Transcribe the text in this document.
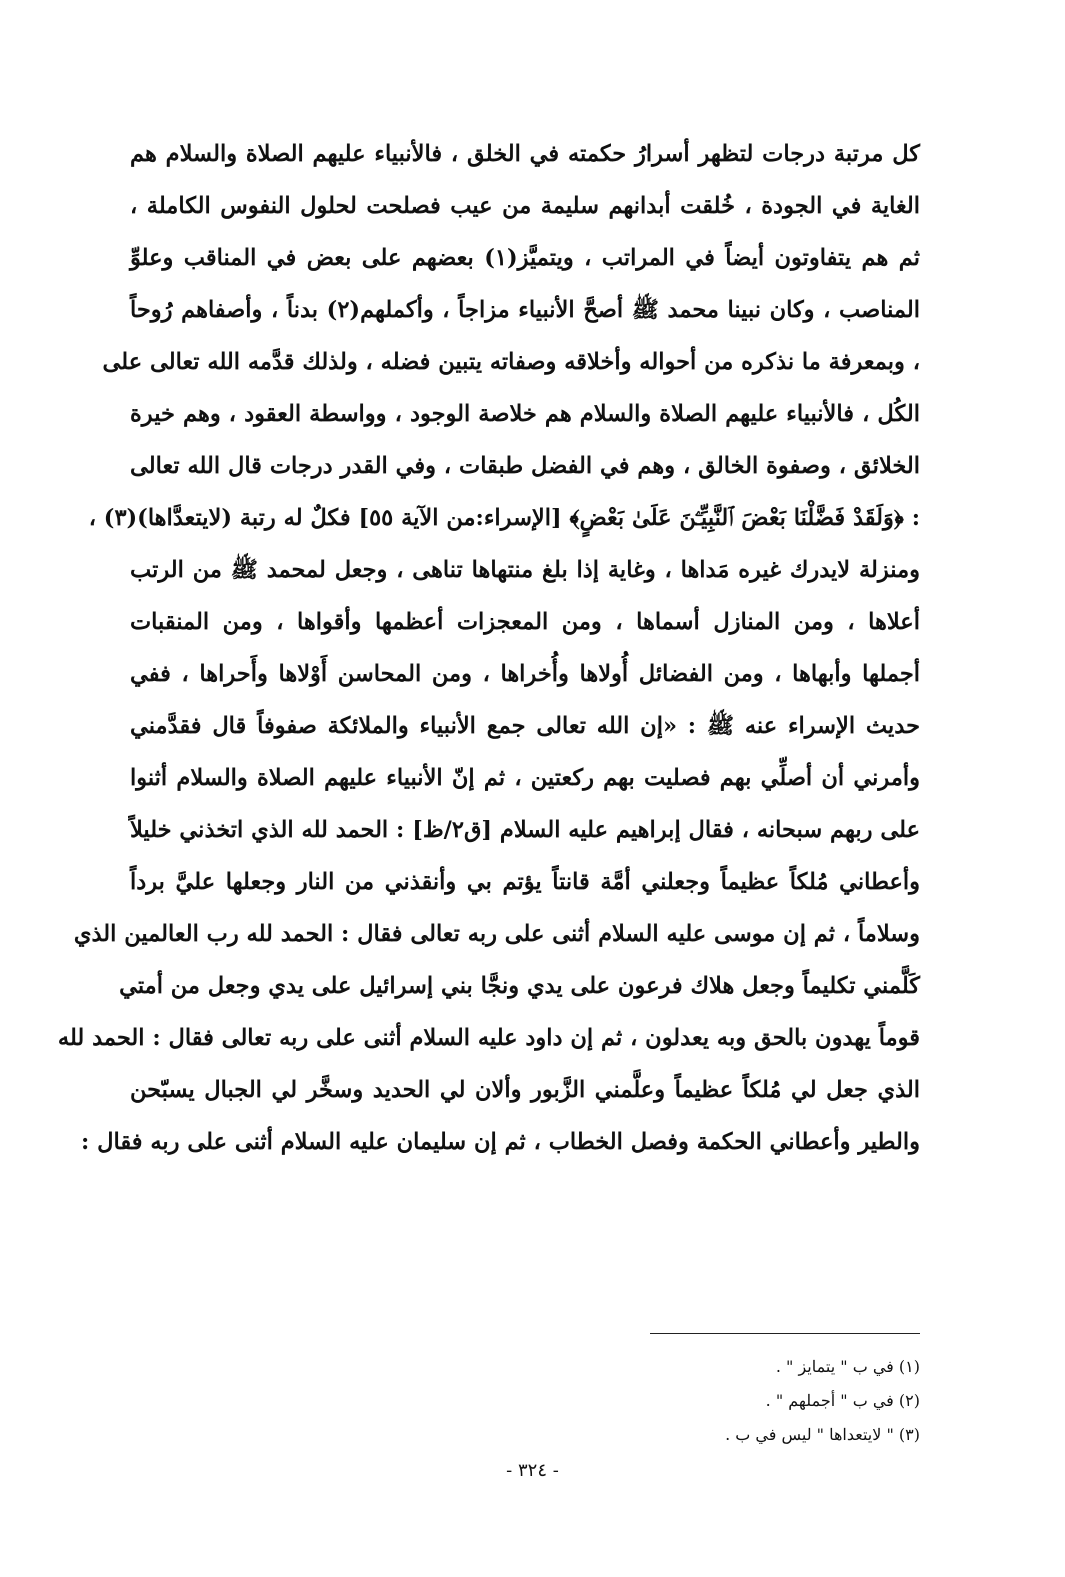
كل مرتبة درجات لتظهر أسرارُ حكمته في الخلق ، فالأنبياء عليهم الصلاة والسلام هم
الغاية في الجودة ، خُلقت أبدانهم سليمة من عيب فصلحت لحلول النفوس الكاملة ،
ثم هم يتفاوتون أيضاً في المراتب ، ويتميَّز(١) بعضهم على بعض في المناقب وعلوِّ
المناصب ، وكان نبينا محمد ﷺ أصحَّ الأنبياء مزاجاً ، وأكملهم(٢) بدناً ، وأصفاهم رُوحاً
، وبمعرفة ما نذكره من أحواله وأخلاقه وصفاته يتبين فضله ، ولذلك قدَّمه الله تعالى على
الكُل ، فالأنبياء عليهم الصلاة والسلام هم خلاصة الوجود ، وواسطة العقود ، وهم خيرة
الخلائق ، وصفوة الخالق ، وهم في الفضل طبقات ، وفي القدر درجات قال الله تعالى
: ﴿وَلَقَدْ فَضَّلْنَا بَعْضَ ٱلنَّبِيِّـۧنَ عَلَىٰ بَعْضٍ﴾ [الإسراء:من الآية ٥٥] فكلٌ له رتبة (لايتعدَّاها)(٣) ،
ومنزلة لايدرك غيره مَداها ، وغاية إذا بلغ منتهاها تناهى ، وجعل لمحمد ﷺ من الرتب
أعلاها ، ومن المنازل أسماها ، ومن المعجزات أعظمها وأقواها ، ومن المنقبات
أجملها وأبهاها ، ومن الفضائل أُولاها وأُخراها ، ومن المحاسن أَوْلاها وأَحراها ، ففي
حديث الإسراء عنه ﷺ : «إن الله تعالى جمع الأنبياء والملائكة صفوفاً قال فقدَّمني
وأمرني أن أصلِّي بهم فصليت بهم ركعتين ، ثم إنّ الأنبياء عليهم الصلاة والسلام أثنوا
على ربهم سبحانه ، فقال إبراهيم عليه السلام [ق٢/ظ] : الحمد لله الذي اتخذني خليلاً
وأعطاني مُلكاً عظيماً وجعلني أمَّة قانتاً يؤتم بي وأنقذني من النار وجعلها عليَّ برداً
وسلاماً ، ثم إن موسى عليه السلام أثنى على ربه تعالى فقال : الحمد لله رب العالمين الذي
كَلَّمني تكليماً وجعل هلاك فرعون على يدي ونجَّا بني إسرائيل على يدي وجعل من أمتي
قوماً يهدون بالحق وبه يعدلون ، ثم إن داود عليه السلام أثنى على ربه تعالى فقال : الحمد لله
الذي جعل لي مُلكاً عظيماً وعلَّمني الزَّبور وألان لي الحديد وسخَّر لي الجبال يسبّحن
والطير وأعطاني الحكمة وفصل الخطاب ، ثم إن سليمان عليه السلام أثنى على ربه فقال :
(١) في ب " يتمايز " .
(٢) في ب " أجملهم " .
(٣) " لايتعداها " ليس في ب .
- ٣٢٤ -
